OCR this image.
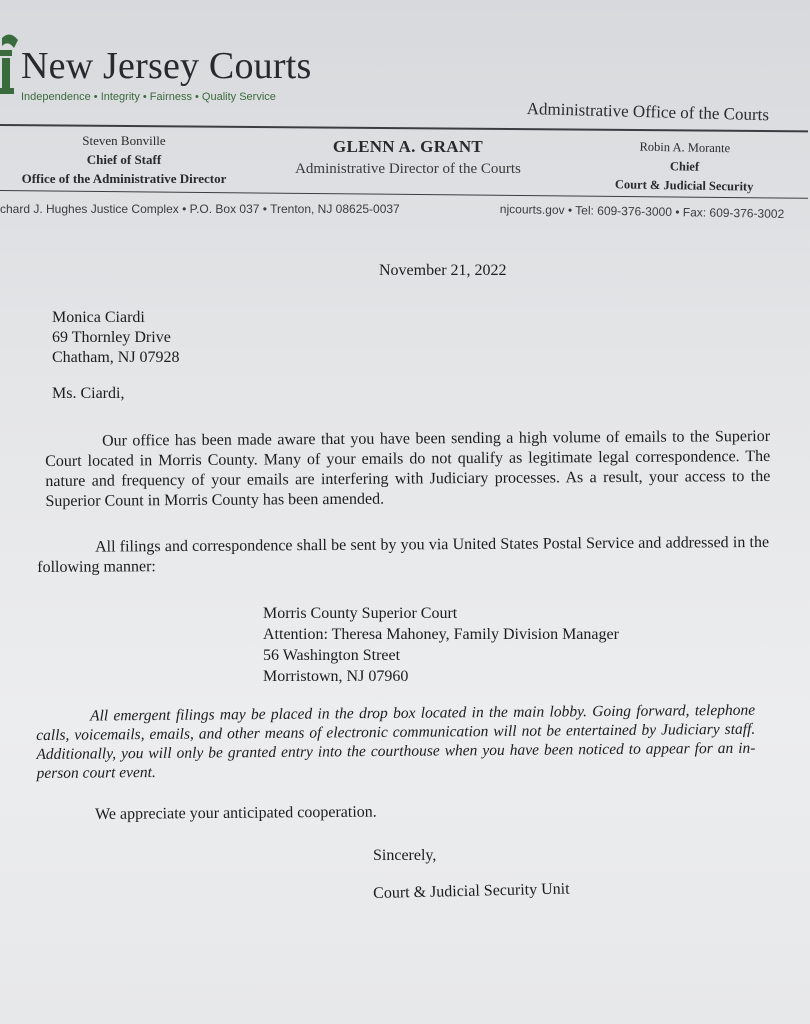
New Jersey Courts
Independence • Integrity • Fairness • Quality Service
Administrative Office of the Courts
Steven Bonville
Chief of Staff
Office of the Administrative Director
GLENN A. GRANT
Administrative Director of the Courts
Robin A. Morante
Chief
Court & Judicial Security
chard J. Hughes Justice Complex • P.O. Box 037 • Trenton, NJ 08625-0037	njcourts.gov • Tel: 609-376-3000 • Fax: 609-376-3002
November 21, 2022
Monica Ciardi
69 Thornley Drive
Chatham, NJ 07928
Ms. Ciardi,
Our office has been made aware that you have been sending a high volume of emails to the Superior Court located in Morris County. Many of your emails do not qualify as legitimate legal correspondence. The nature and frequency of your emails are interfering with Judiciary processes. As a result, your access to the Superior Count in Morris County has been amended.
All filings and correspondence shall be sent by you via United States Postal Service and addressed in the following manner:
Morris County Superior Court
Attention: Theresa Mahoney, Family Division Manager
56 Washington Street
Morristown, NJ 07960
All emergent filings may be placed in the drop box located in the main lobby. Going forward, telephone calls, voicemails, emails, and other means of electronic communication will not be entertained by Judiciary staff. Additionally, you will only be granted entry into the courthouse when you have been noticed to appear for an in-person court event.
We appreciate your anticipated cooperation.
Sincerely,
Court & Judicial Security Unit
